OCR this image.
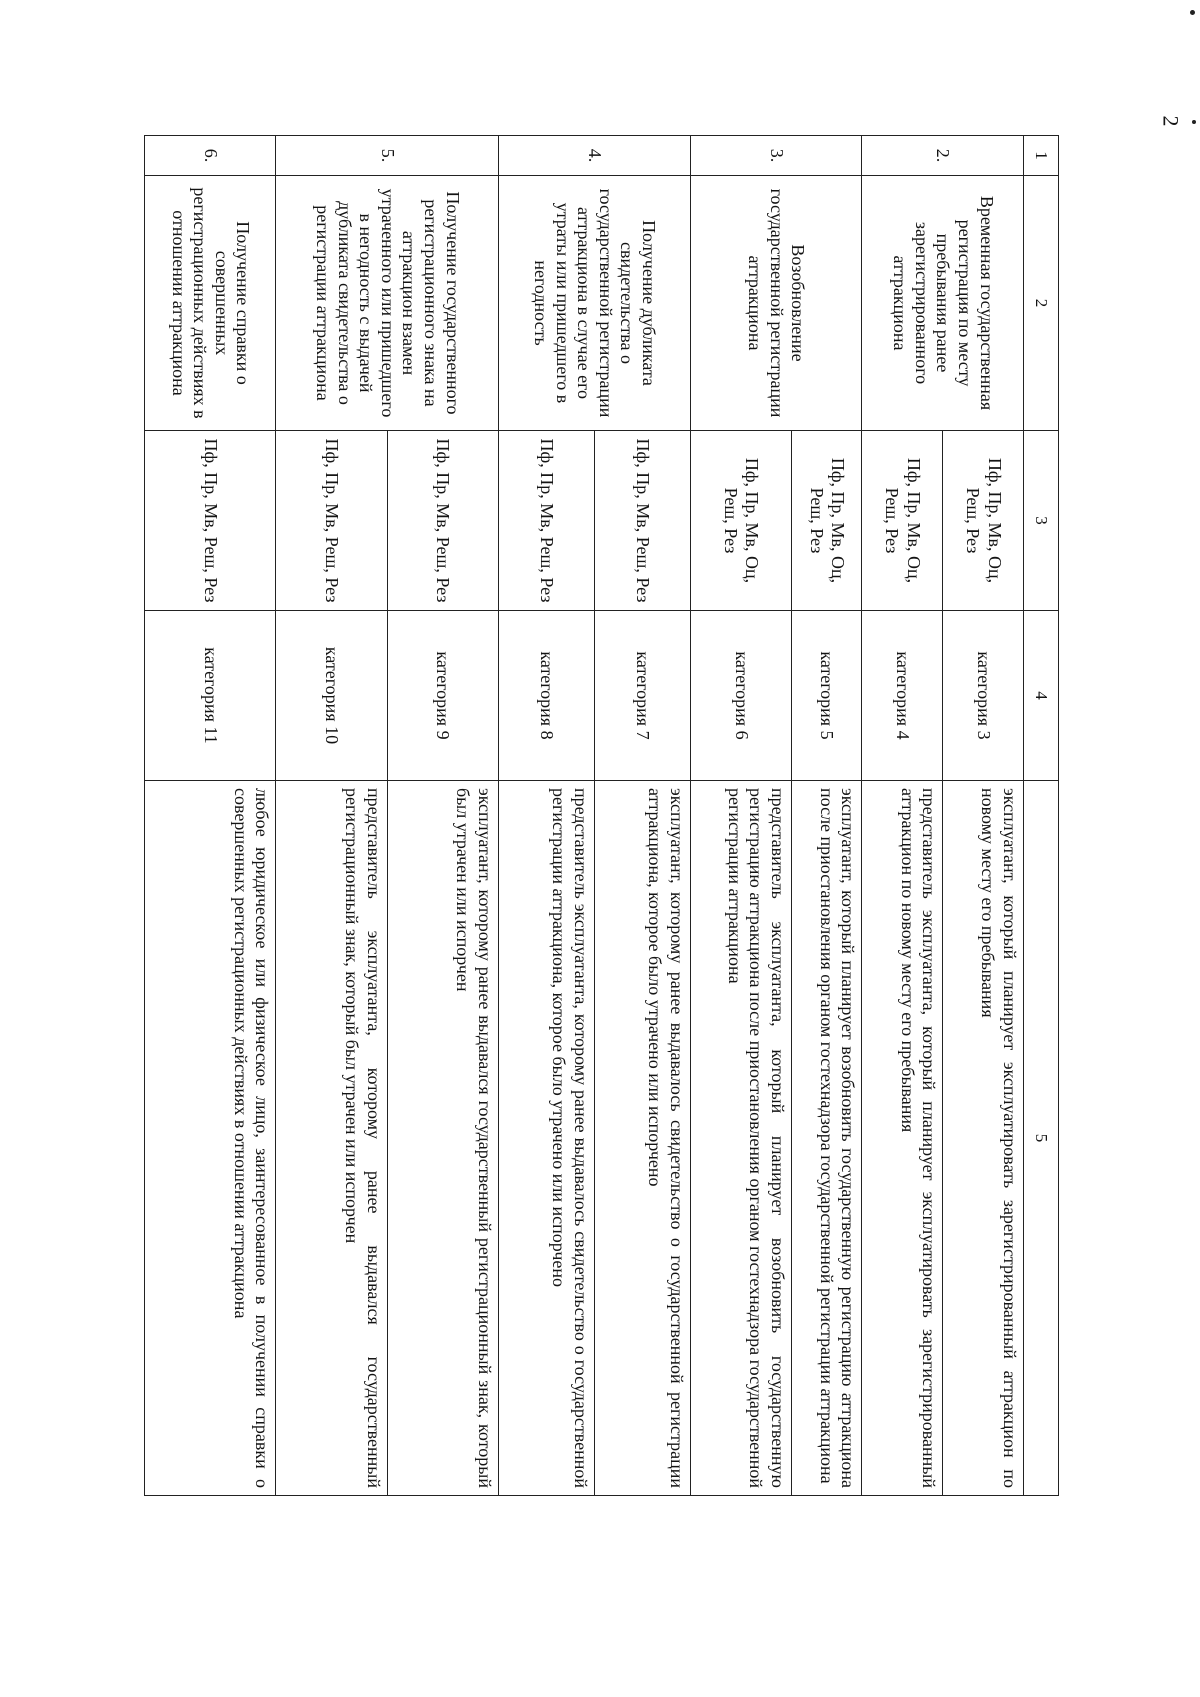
2
1	2	3	4	5
2.	Временная государственная регистрация по месту пребывания ранее зарегистрированного аттракциона	Пф, Пр, Мв, Оц, Реш, Рез	категория 3	эксплуатант, который планирует эксплуатировать зарегистрированный аттракцион по новому месту его пребывания
		Пф, Пр, Мв, Оц, Реш, Рез	категория 4	представитель эксплуатанта, который планирует эксплуатировать зарегистрированный аттракцион по новому месту его пребывания
3.	Возобновление государственной регистрации аттракциона	Пф, Пр, Мв, Оц, Реш, Рез	категория 5	эксплуатант, который планирует возобновить государственную регистрацию аттракциона после приостановления органом гостехнадзора государственной регистрации аттракциона
		Пф, Пр, Мв, Оц, Реш, Рез	категория 6	представитель эксплуатанта, который планирует возобновить государственную регистрацию аттракциона после приостановления органом гостехнадзора государственной регистрации аттракциона
4.	Получение дубликата свидетельства о государственной регистрации аттракциона в случае его утраты или пришедшего в негодность	Пф, Пр, Мв, Реш, Рез	категория 7	эксплуатант, которому ранее выдавалось свидетельство о государственной регистрации аттракциона, которое было утрачено или испорчено
		Пф, Пр, Мв, Реш, Рез	категория 8	представитель эксплуатанта, которому ранее выдавалось свидетельство о государственной регистрации аттракциона, которое было утрачено или испорчено
5.	Получение государственного регистрационного знака на аттракцион взамен утраченного или пришедшего в негодность с выдачей дубликата свидетельства о регистрации аттракциона	Пф, Пр, Мв, Реш, Рез	категория 9	эксплуатант, которому ранее выдавался государственный регистрационный знак, который был утрачен или испорчен
		Пф, Пр, Мв, Реш, Рез	категория 10	представитель эксплуатанта, которому ранее выдавался государственный регистрационный знак, который был утрачен или испорчен
6.	Получение справки о совершенных регистрационных действиях в отношении аттракциона	Пф, Пр, Мв, Реш, Рез	категория 11	любое юридическое или физическое лицо, заинтересованное в получении справки о совершенных регистрационных действиях в отношении аттракциона
